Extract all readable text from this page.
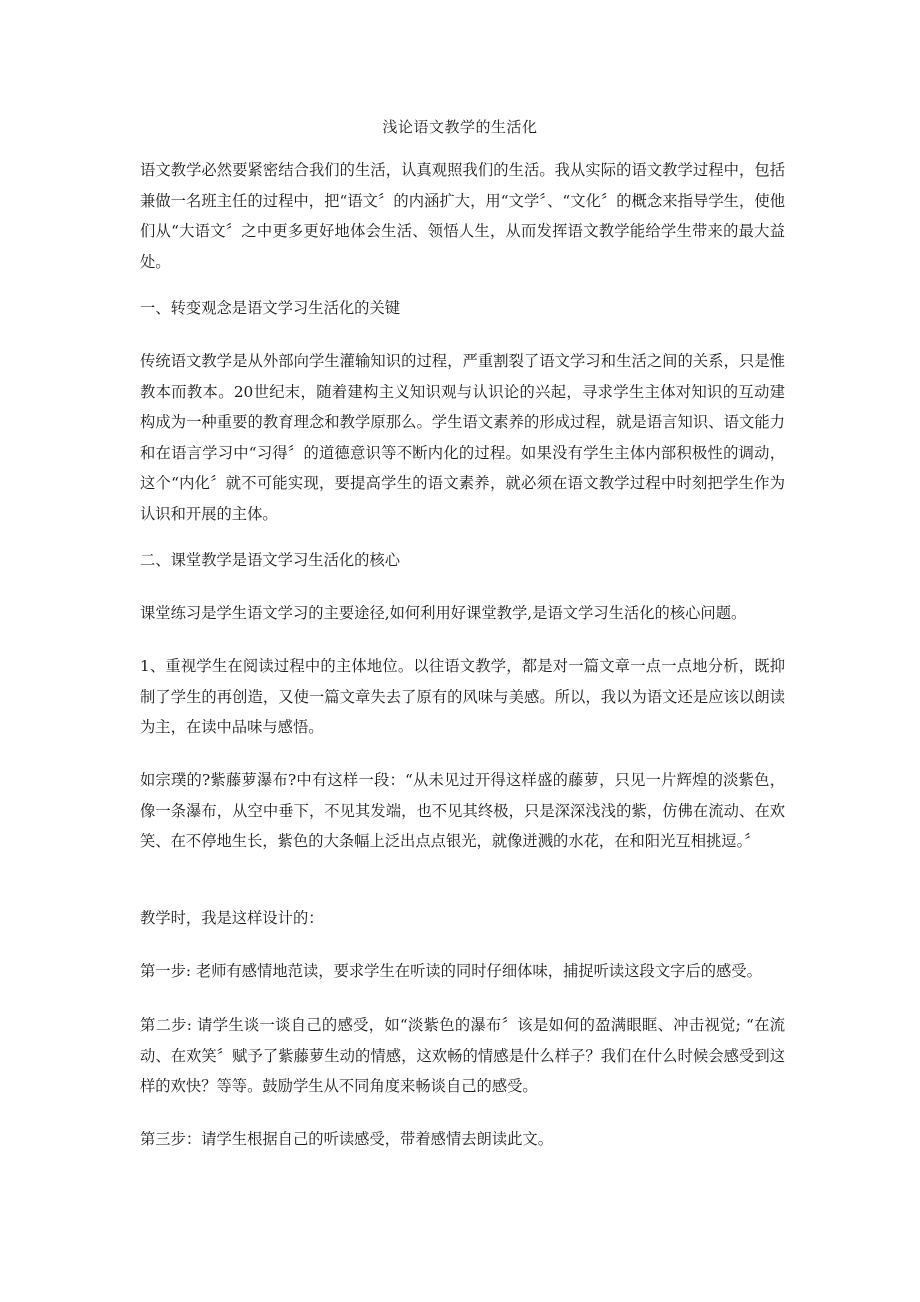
浅论语文教学的生活化

语文教学必然要紧密结合我们的生活，认真观照我们的生活。我从实际的语文教学过程中，包括兼做一名班主任的过程中，把“语文〞的内涵扩大，用“文学〞、“文化〞的概念来指导学生，使他们从“大语文〞之中更多更好地体会生活、领悟人生，从而发挥语文教学能给学生带来的最大益处。

一、转变观念是语文学习生活化的关键

传统语文教学是从外部向学生灌输知识的过程，严重割裂了语文学习和生活之间的关系，只是惟教本而教本。20世纪末，随着建构主义知识观与认识论的兴起，寻求学生主体对知识的互动建构成为一种重要的教育理念和教学原那么。学生语文素养的形成过程，就是语言知识、语文能力和在语言学习中“习得〞的道德意识等不断内化的过程。如果没有学生主体内部积极性的调动，这个“内化〞就不可能实现，要提高学生的语文素养，就必须在语文教学过程中时刻把学生作为认识和开展的主体。

二、课堂教学是语文学习生活化的核心

课堂练习是学生语文学习的主要途径,如何利用好课堂教学,是语文学习生活化的核心问题。

1、重视学生在阅读过程中的主体地位。以往语文教学，都是对一篇文章一点一点地分析，既抑制了学生的再创造，又使一篇文章失去了原有的风味与美感。所以，我以为语文还是应该以朗读为主，在读中品味与感悟。

如宗璞的?紫藤萝瀑布?中有这样一段：“从未见过开得这样盛的藤萝，只见一片辉煌的淡紫色，像一条瀑布，从空中垂下，不见其发端，也不见其终极，只是深深浅浅的紫，仿佛在流动、在欢笑、在不停地生长，紫色的大条幅上泛出点点银光，就像迸溅的水花，在和阳光互相挑逗。〞

教学时，我是这样设计的：

第一步: 老师有感情地范读，要求学生在听读的同时仔细体味，捕捉听读这段文字后的感受。

第二步: 请学生谈一谈自己的感受，如“淡紫色的瀑布〞该是如何的盈满眼眶、冲击视觉; “在流动、在欢笑〞赋予了紫藤萝生动的情感，这欢畅的情感是什么样子？我们在什么时候会感受到这样的欢快？等等。鼓励学生从不同角度来畅谈自己的感受。

第三步：请学生根据自己的听读感受，带着感情去朗读此文。
